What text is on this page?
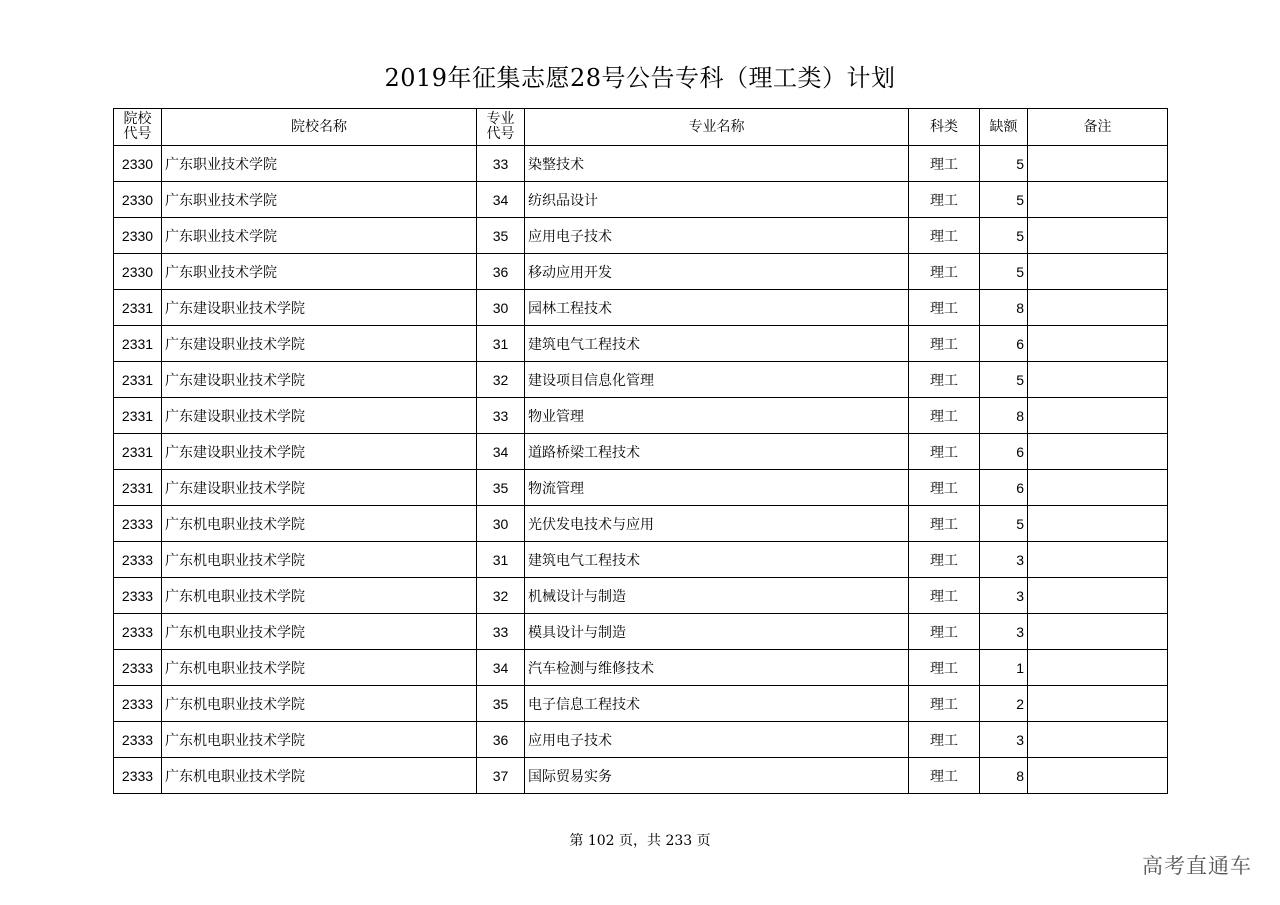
2019年征集志愿28号公告专科（理工类）计划
院校代号	院校名称	专业代号	专业名称	科类	缺额	备注
2330	广东职业技术学院	33	染整技术	理工	5	
2330	广东职业技术学院	34	纺织品设计	理工	5	
2330	广东职业技术学院	35	应用电子技术	理工	5	
2330	广东职业技术学院	36	移动应用开发	理工	5	
2331	广东建设职业技术学院	30	园林工程技术	理工	8	
2331	广东建设职业技术学院	31	建筑电气工程技术	理工	6	
2331	广东建设职业技术学院	32	建设项目信息化管理	理工	5	
2331	广东建设职业技术学院	33	物业管理	理工	8	
2331	广东建设职业技术学院	34	道路桥梁工程技术	理工	6	
2331	广东建设职业技术学院	35	物流管理	理工	6	
2333	广东机电职业技术学院	30	光伏发电技术与应用	理工	5	
2333	广东机电职业技术学院	31	建筑电气工程技术	理工	3	
2333	广东机电职业技术学院	32	机械设计与制造	理工	3	
2333	广东机电职业技术学院	33	模具设计与制造	理工	3	
2333	广东机电职业技术学院	34	汽车检测与维修技术	理工	1	
2333	广东机电职业技术学院	35	电子信息工程技术	理工	2	
2333	广东机电职业技术学院	36	应用电子技术	理工	3	
2333	广东机电职业技术学院	37	国际贸易实务	理工	8	
第 102 页，共 233 页
高考直通车
